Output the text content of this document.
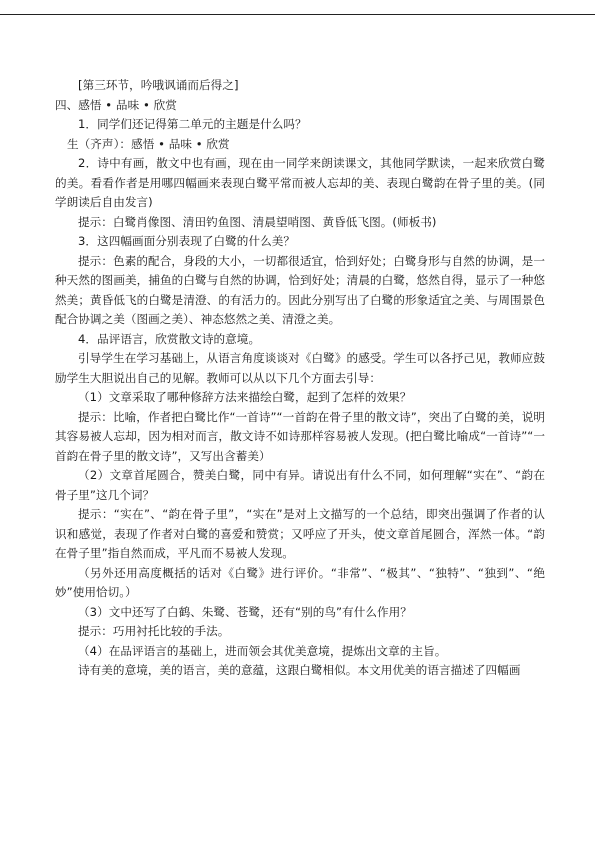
[第三环节，吟哦讽诵而后得之]

四、感悟 • 品味 • 欣赏

1．同学们还记得第二单元的主题是什么吗？

生（齐声）：感悟 • 品味 • 欣赏

2．诗中有画，散文中也有画，现在由一同学来朗读课文，其他同学默读，一起来欣赏白鹭的美。看看作者是用哪四幅画来表现白鹭平常而被人忘却的美、表现白鹭韵在骨子里的美。(同学朗读后自由发言)

提示：白鹭肖像图、清田钓鱼图、清晨望哨图、黄昏低飞图。(师板书)

3．这四幅画面分别表现了白鹭的什么美？

提示：色素的配合，身段的大小，一切都很适宜，恰到好处；白鹭身形与自然的协调，是一种天然的图画美，捕鱼的白鹭与自然的协调，恰到好处；清晨的白鹭，悠然自得，显示了一种悠然美；黄昏低飞的白鹭是清澄、的有活力的。因此分别写出了白鹭的形象适宜之美、与周围景色配合协调之美（图画之美）、神态悠然之美、清澄之美。

4．品评语言，欣赏散文诗的意境。

引导学生在学习基础上，从语言角度谈谈对《白鹭》的感受。学生可以各抒己见，教师应鼓励学生大胆说出自己的见解。教师可以从以下几个方面去引导：

（1）文章采取了哪种修辞方法来描绘白鹭，起到了怎样的效果？

提示：比喻，作者把白鹭比作“一首诗”“一首韵在骨子里的散文诗”，突出了白鹭的美，说明其容易被人忘却，因为相对而言，散文诗不如诗那样容易被人发现。(把白鹭比喻成“一首诗”“一首韵在骨子里的散文诗”，又写出含蓄美）

（2）文章首尾圆合，赞美白鹭，同中有异。请说出有什么不同，如何理解“实在”、“韵在骨子里”这几个词？

提示：“实在”、“韵在骨子里”，“实在”是对上文描写的一个总结，即突出强调了作者的认识和感觉，表现了作者对白鹭的喜爱和赞赏；又呼应了开头，使文章首尾圆合，浑然一体。“韵在骨子里”指自然而成，平凡而不易被人发现。

（另外还用高度概括的话对《白鹭》进行评价。“非常”、“极其”、“独特”、“独到”、“绝妙”使用恰切。）

（3）文中还写了白鹤、朱鹭、苍鹭，还有“别的鸟”有什么作用？

提示：巧用衬托比较的手法。

（4）在品评语言的基础上，进而领会其优美意境，提炼出文章的主旨。

诗有美的意境，美的语言，美的意蕴，这跟白鹭相似。本文用优美的语言描述了四幅画
